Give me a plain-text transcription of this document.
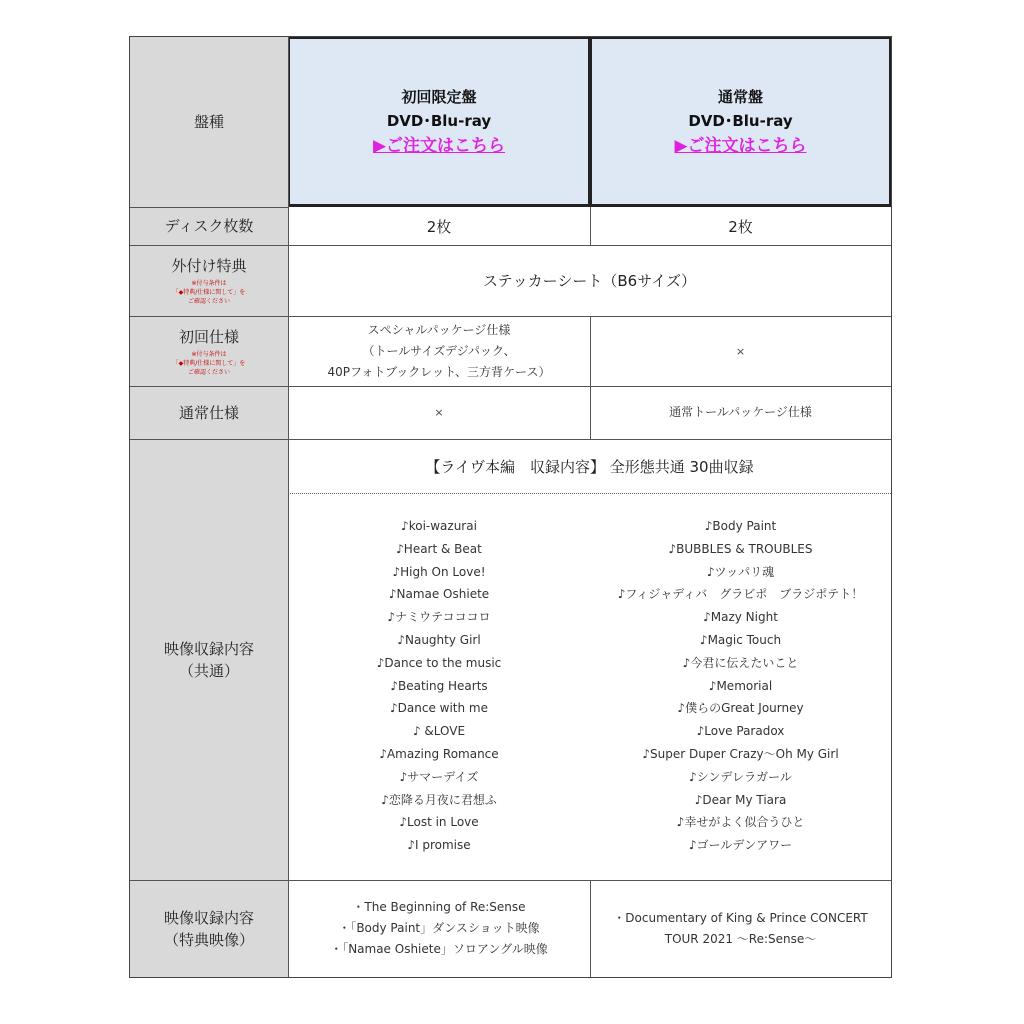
盤種
ディスク枚数
外付け特典
※付与条件は
「◆特典/仕様に関して」を
ご確認ください
初回仕様
※付与条件は
「◆特典/仕様に関して」を
ご確認ください
通常仕様
映像収録内容
（共通）
映像収録内容
（特典映像）
初回限定盤
DVD･Blu-ray
▶ご注文はこちら
通常盤
DVD･Blu-ray
▶ご注文はこちら
2枚	2枚
ステッカーシート（B6サイズ）
スペシャルパッケージ仕様
（トールサイズデジパック、
40Pフォトブックレット、三方背ケース）
×
×	通常トールパッケージ仕様
【ライヴ本編　収録内容】 全形態共通 30曲収録
♪koi-wazurai
♪Heart & Beat
♪High On Love!
♪Namae Oshiete
♪ナミウテコココロ
♪Naughty Girl
♪Dance to the music
♪Beating Hearts
♪Dance with me
♪ &LOVE
♪Amazing Romance
♪サマーデイズ
♪恋降る月夜に君想ふ
♪Lost in Love
♪I promise
♪Body Paint
♪BUBBLES & TROUBLES
♪ツッパリ魂
♪フィジャディバ　グラビポ　ブラジポテト！
♪Mazy Night
♪Magic Touch
♪今君に伝えたいこと
♪Memorial
♪僕らのGreat Journey
♪Love Paradox
♪Super Duper Crazy～Oh My Girl
♪シンデレラガール
♪Dear My Tiara
♪幸せがよく似合うひと
♪ゴールデンアワー
・The Beginning of Re:Sense
・「Body Paint」ダンスショット映像
・「Namae Oshiete」ソロアングル映像
・Documentary of King & Prince CONCERT
TOUR 2021 ～Re:Sense～
